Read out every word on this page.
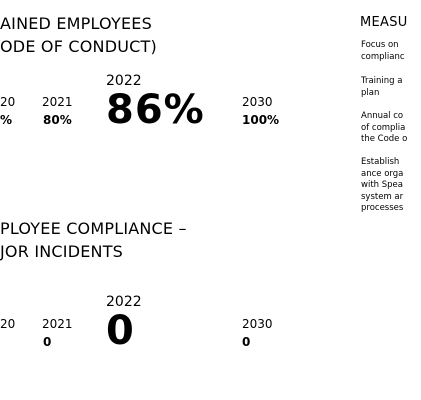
AINED EMPLOYEES
ODE OF CONDUCT)
20
%
2021
80%
2022
86%	2030
100%
PLOYEE COMPLIANCE –
JOR INCIDENTS
20 2021
0
2022
0	2030
0
MEASU
Focus on
complianc
Training a
plan
Annual co
of complia
the Code o
Establish
ance orga
with Spea
system ar
processes
